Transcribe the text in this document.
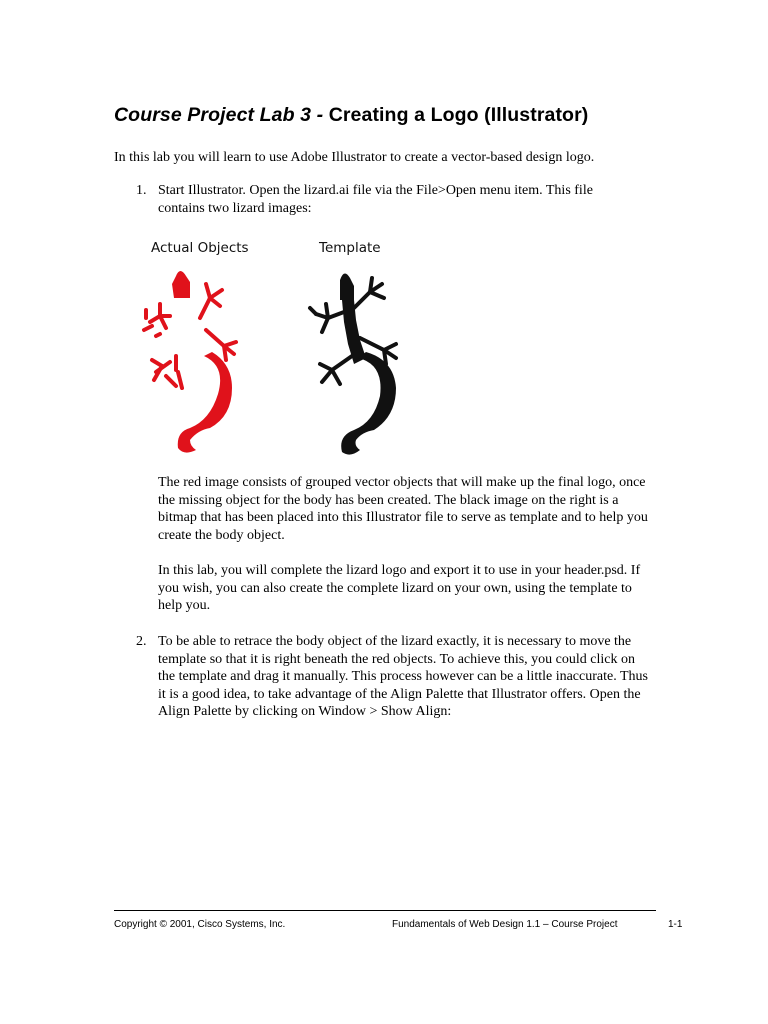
Course Project Lab 3 - Creating a Logo (Illustrator)

In this lab you will learn to use Adobe Illustrator to create a vector-based design logo.

1. Start Illustrator. Open the lizard.ai file via the File>Open menu item. This file contains two lizard images:
Actual Objects	Template

The red image consists of grouped vector objects that will make up the final logo, once the missing object for the body has been created. The black image on the right is a bitmap that has been placed into this Illustrator file to serve as template and to help you create the body object.

In this lab, you will complete the lizard logo and export it to use in your header.psd. If you wish, you can also create the complete lizard on your own, using the template to help you.

2. To be able to retrace the body object of the lizard exactly, it is necessary to move the template so that it is right beneath the red objects. To achieve this, you could click on the template and drag it manually. This process however can be a little inaccurate. Thus it is a good idea, to take advantage of the Align Palette that Illustrator offers. Open the Align Palette by clicking on Window > Show Align:
Copyright © 2001, Cisco Systems, Inc.	Fundamentals of Web Design 1.1 – Course Project	1-1
